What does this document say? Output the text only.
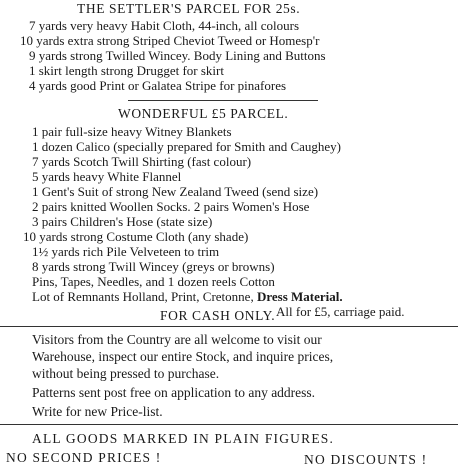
THE SETTLER'S PARCEL FOR 25s.
7 yards very heavy Habit Cloth, 44-inch, all colours
10 yards extra strong Striped Cheviot Tweed or Homesp'r
9 yards strong Twilled Wincey. Body Lining and Buttons
1 skirt length strong Drugget for skirt
4 yards good Print or Galatea Stripe for pinafores
WONDERFUL £5 PARCEL.
1 pair full-size heavy Witney Blankets
1 dozen Calico (specially prepared for Smith and Caughey)
7 yards Scotch Twill Shirting (fast colour)
5 yards heavy White Flannel
1 Gent's Suit of strong New Zealand Tweed (send size)
2 pairs knitted Woollen Socks. 2 pairs Women's Hose
3 pairs Children's Hose (state size)
10 yards strong Costume Cloth (any shade)
1½ yards rich Pile Velveteen to trim
8 yards strong Twill Wincey (greys or browns)
Pins, Tapes, Needles, and 1 dozen reels Cotton
Lot of Remnants Holland, Print, Cretonne, Dress Material.
All for £5, carriage paid.
FOR CASH ONLY.
Visitors from the Country are all welcome to visit our
Warehouse, inspect our entire Stock, and inquire prices,
without being pressed to purchase.
Patterns sent post free on application to any address.
Write for new Price-list.
ALL GOODS MARKED IN PLAIN FIGURES.
NO SECOND PRICES !	NO DISCOUNTS !
